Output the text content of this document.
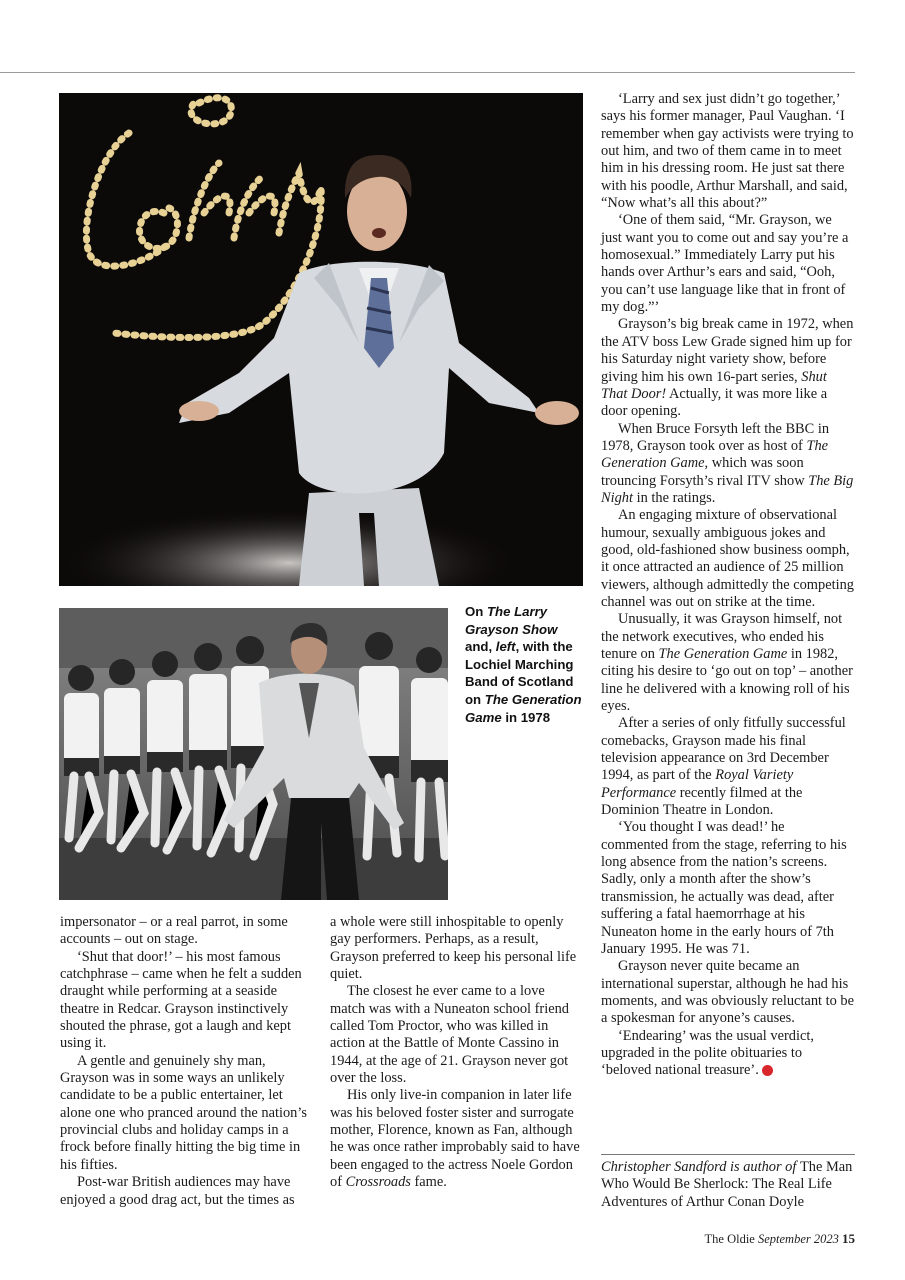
Larry
On The Larry Grayson Show and, left, with the Lochiel Marching Band of Scotland on The Generation Game in 1978

impersonator – or a real parrot, in some accounts – out on stage.

‘Shut that door!’ – his most famous catchphrase – came when he felt a sudden draught while performing at a seaside theatre in Redcar. Grayson instinctively shouted the phrase, got a laugh and kept using it.

A gentle and genuinely shy man, Grayson was in some ways an unlikely candidate to be a public entertainer, let alone one who pranced around the nation’s provincial clubs and holiday camps in a frock before finally hitting the big time in his fifties.

Post-war British audiences may have enjoyed a good drag act, but the times as

a whole were still inhospitable to openly gay performers. Perhaps, as a result, Grayson preferred to keep his personal life quiet.

The closest he ever came to a love match was with a Nuneaton school friend called Tom Proctor, who was killed in action at the Battle of Monte Cassino in 1944, at the age of 21. Grayson never got over the loss.

His only live-in companion in later life was his beloved foster sister and surrogate mother, Florence, known as Fan, although he was once rather improbably said to have been engaged to the actress Noele Gordon of Crossroads fame.

‘Larry and sex just didn’t go together,’ says his former manager, Paul Vaughan. ‘I remember when gay activists were trying to out him, and two of them came in to meet him in his dressing room. He just sat there with his poodle, Arthur Marshall, and said, “Now what’s all this about?”

‘One of them said, “Mr. Grayson, we just want you to come out and say you’re a homosexual.” Immediately Larry put his hands over Arthur’s ears and said, “Ooh, you can’t use language like that in front of my dog.”’

Grayson’s big break came in 1972, when the ATV boss Lew Grade signed him up for his Saturday night variety show, before giving him his own 16-part series, Shut That Door! Actually, it was more like a door opening.

When Bruce Forsyth left the BBC in 1978, Grayson took over as host of The Generation Game, which was soon trouncing Forsyth’s rival ITV show The Big Night in the ratings.

An engaging mixture of observational humour, sexually ambiguous jokes and good, old-fashioned show business oomph, it once attracted an audience of 25 million viewers, although admittedly the competing channel was out on strike at the time.

Unusually, it was Grayson himself, not the network executives, who ended his tenure on The Generation Game in 1982, citing his desire to ‘go out on top’ – another line he delivered with a knowing roll of his eyes.

After a series of only fitfully successful comebacks, Grayson made his final television appearance on 3rd December 1994, as part of the Royal Variety Performance recently filmed at the Dominion Theatre in London.

‘You thought I was dead!’ he commented from the stage, referring to his long absence from the nation’s screens. Sadly, only a month after the show’s transmission, he actually was dead, after suffering a fatal haemorrhage at his Nuneaton home in the early hours of 7th January 1995. He was 71.

Grayson never quite became an international superstar, although he had his moments, and was obviously reluctant to be a spokesman for anyone’s causes.

‘Endearing’ was the usual verdict, upgraded in the polite obituaries to ‘beloved national treasure’.	O

Christopher Sandford is author of The Man Who Would Be Sherlock: The Real Life Adventures of Arthur Conan Doyle
The Oldie September 2023 15
